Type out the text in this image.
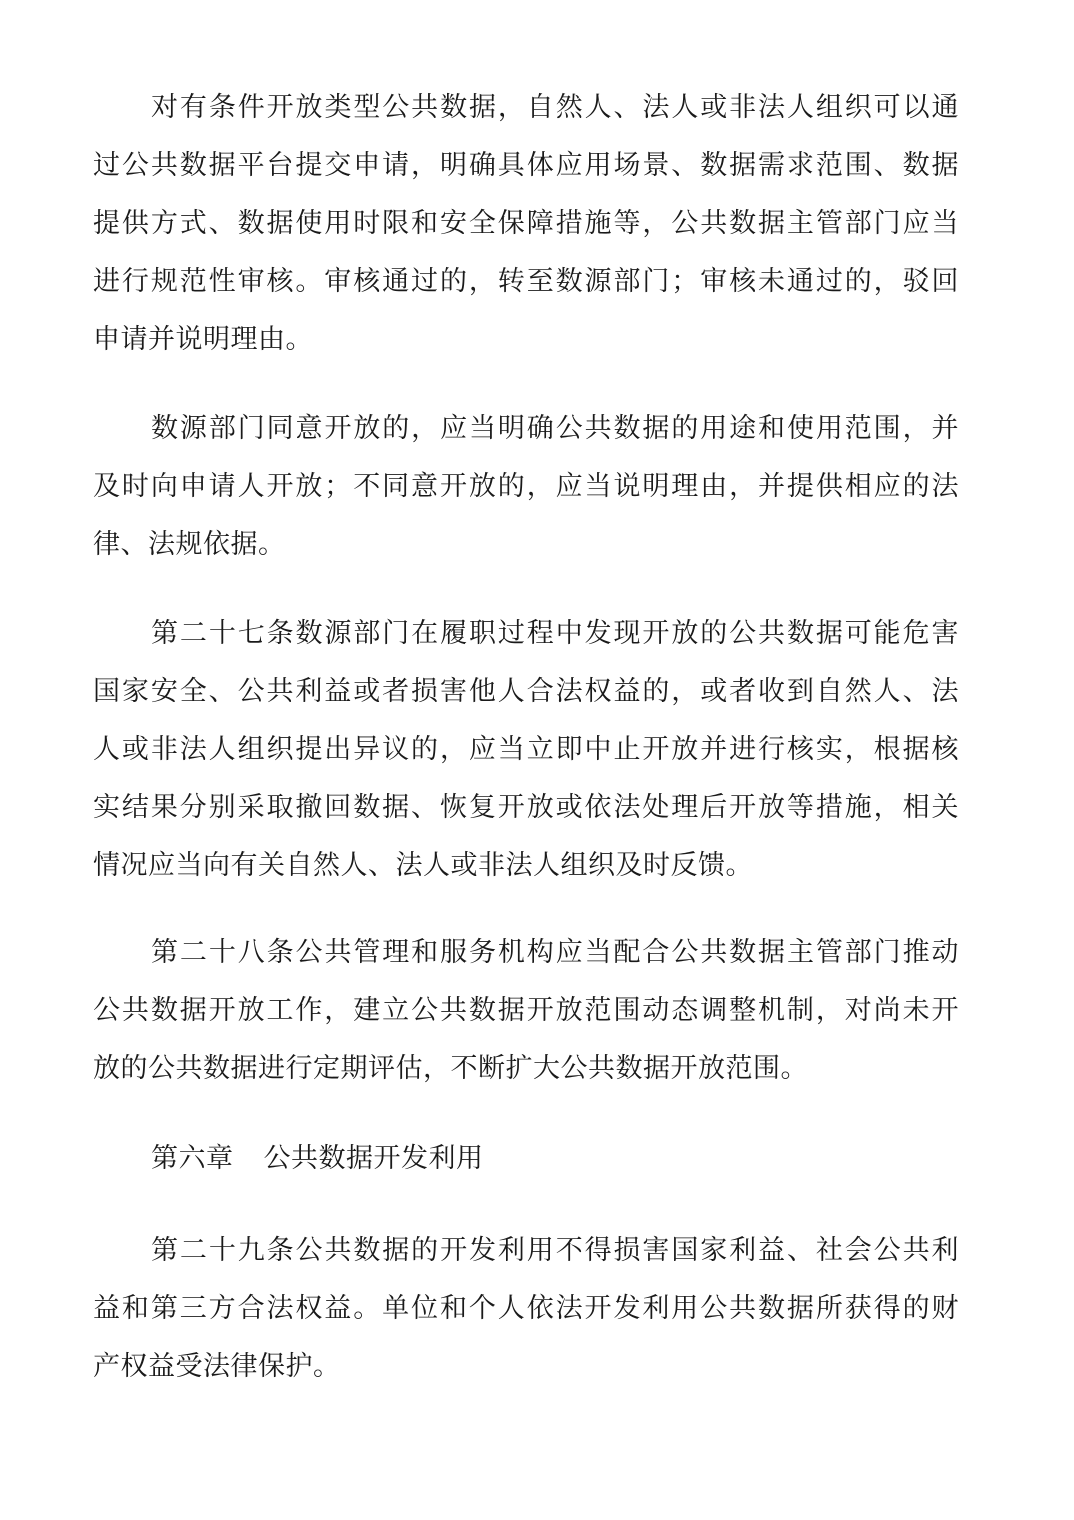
对有条件开放类型公共数据，自然人、法人或非法人组织可以通
过公共数据平台提交申请，明确具体应用场景、数据需求范围、数据
提供方式、数据使用时限和安全保障措施等，公共数据主管部门应当
进行规范性审核。审核通过的，转至数源部门；审核未通过的，驳回
申请并说明理由。
数源部门同意开放的，应当明确公共数据的用途和使用范围，并
及时向申请人开放；不同意开放的，应当说明理由，并提供相应的法
律、法规依据。
第二十七条数源部门在履职过程中发现开放的公共数据可能危害
国家安全、公共利益或者损害他人合法权益的，或者收到自然人、法
人或非法人组织提出异议的，应当立即中止开放并进行核实，根据核
实结果分别采取撤回数据、恢复开放或依法处理后开放等措施，相关
情况应当向有关自然人、法人或非法人组织及时反馈。
第二十八条公共管理和服务机构应当配合公共数据主管部门推动
公共数据开放工作，建立公共数据开放范围动态调整机制，对尚未开
放的公共数据进行定期评估，不断扩大公共数据开放范围。
第六章 公共数据开发利用
第二十九条公共数据的开发利用不得损害国家利益、社会公共利
益和第三方合法权益。单位和个人依法开发利用公共数据所获得的财
产权益受法律保护。
